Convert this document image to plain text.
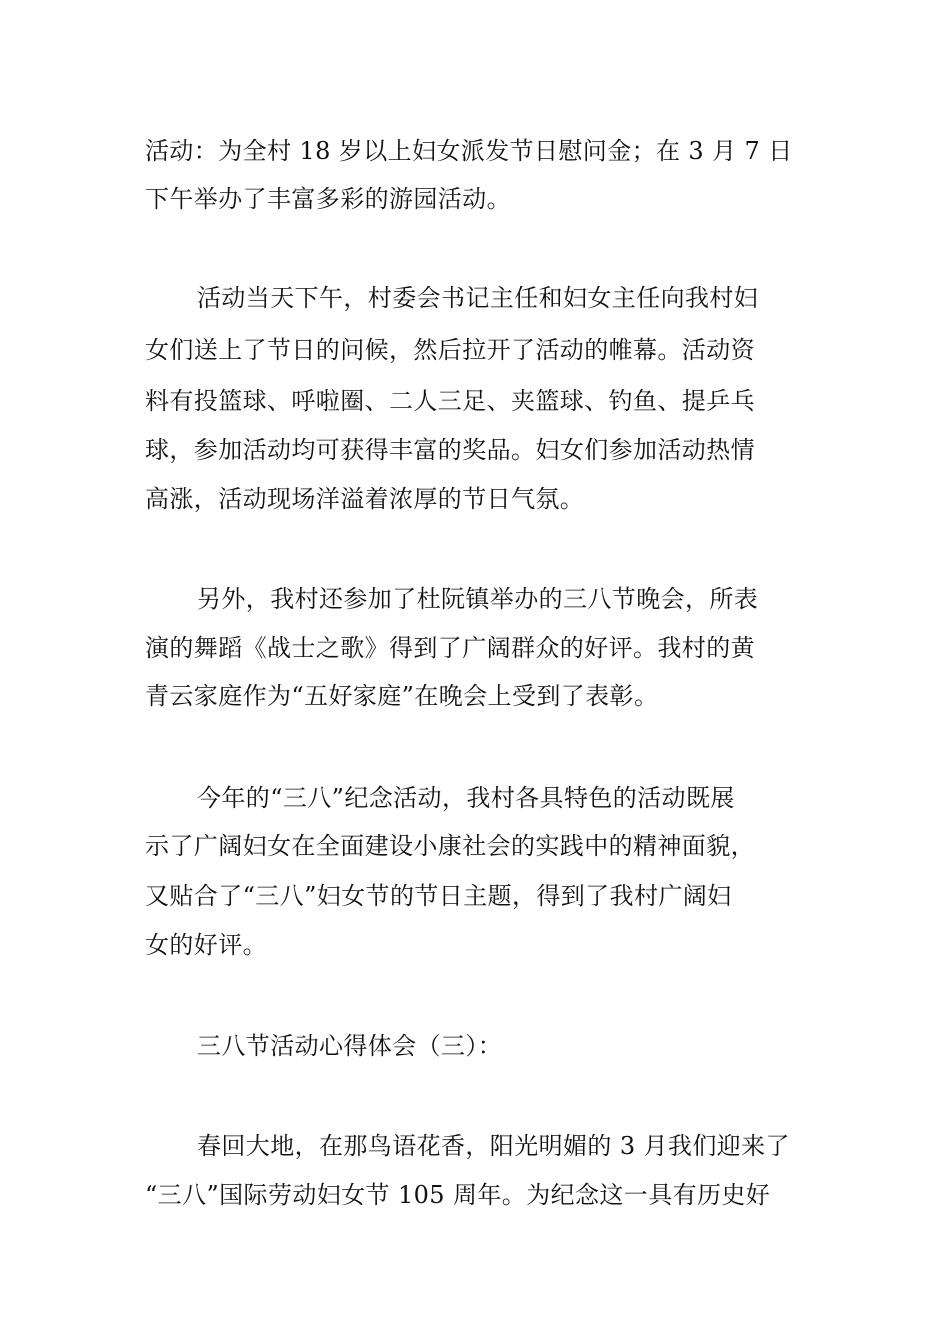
活动：为全村 18 岁以上妇女派发节日慰问金；在 3 月 7 日
下午举办了丰富多彩的游园活动。
活动当天下午，村委会书记主任和妇女主任向我村妇
女们送上了节日的问候，然后拉开了活动的帷幕。活动资
料有投篮球、呼啦圈、二人三足、夹篮球、钓鱼、提乒乓
球，参加活动均可获得丰富的奖品。妇女们参加活动热情
高涨，活动现场洋溢着浓厚的节日气氛。
另外，我村还参加了杜阮镇举办的三八节晚会，所表
演的舞蹈《战士之歌》得到了广阔群众的好评。我村的黄
青云家庭作为“五好家庭”在晚会上受到了表彰。
今年的“三八”纪念活动，我村各具特色的活动既展
示了广阔妇女在全面建设小康社会的实践中的精神面貌，
又贴合了“三八”妇女节的节日主题，得到了我村广阔妇
女的好评。
三八节活动心得体会（三）：
春回大地，在那鸟语花香，阳光明媚的 3 月我们迎来了
“三八”国际劳动妇女节 105 周年。为纪念这一具有历史好
